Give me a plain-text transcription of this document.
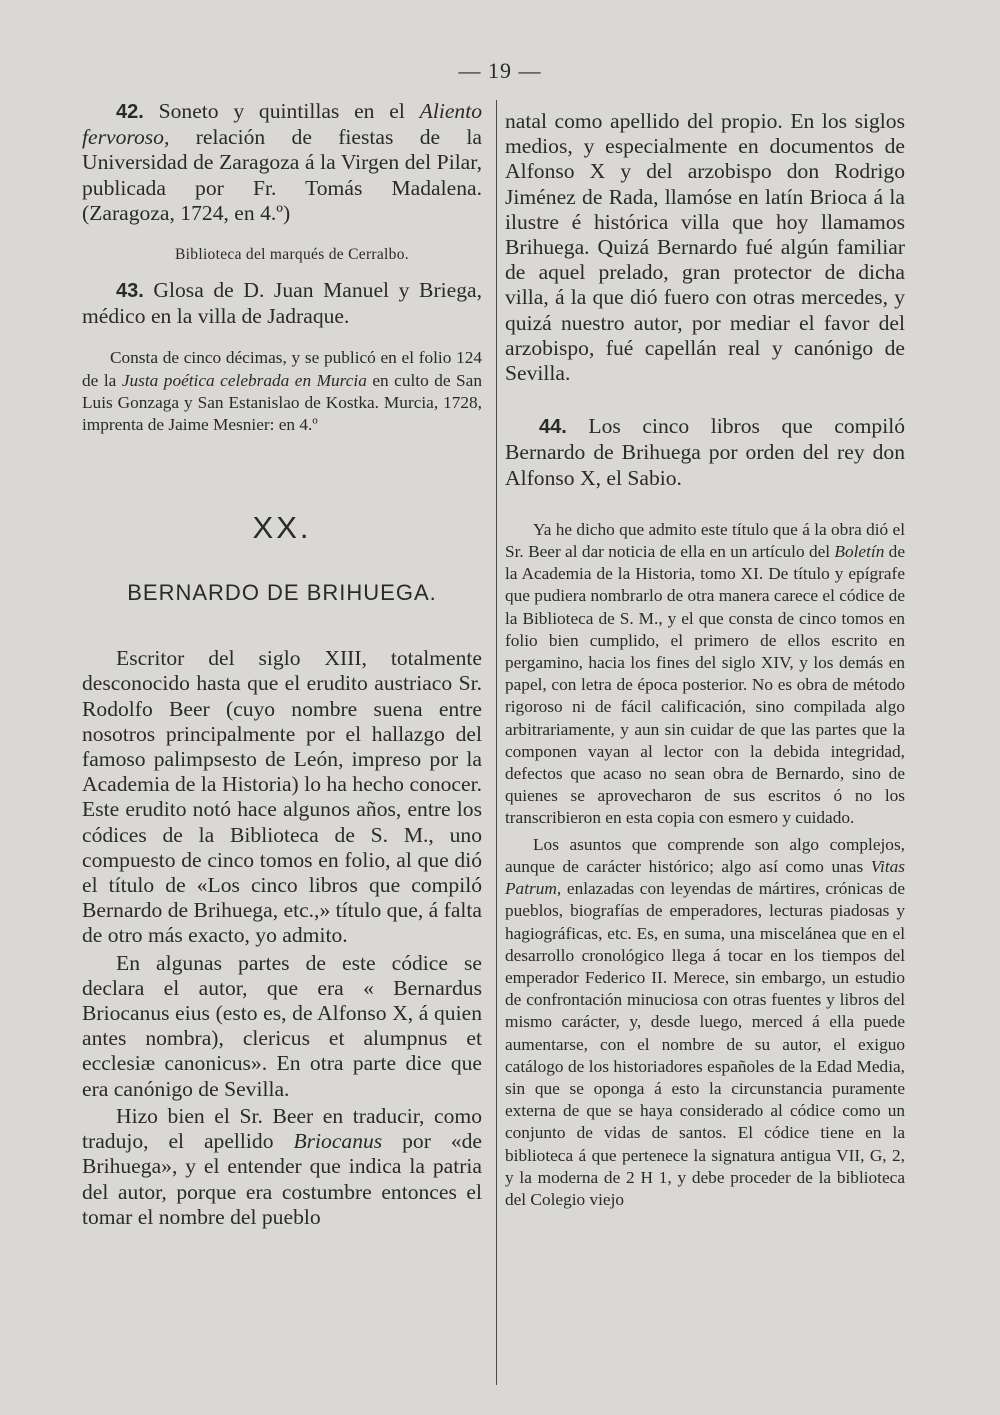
— 19 —

42. Soneto y quintillas en el Aliento fervoroso, relación de fiestas de la Universidad de Zaragoza á la Virgen del Pilar, publicada por Fr. Tomás Madalena. (Zaragoza, 1724, en 4.º)

Biblioteca del marqués de Cerralbo.

43. Glosa de D. Juan Manuel y Briega, médico en la villa de Jadraque.

Consta de cinco décimas, y se publicó en el folio 124 de la Justa poética celebrada en Murcia en culto de San Luis Gonzaga y San Estanislao de Kostka. Murcia, 1728, imprenta de Jaime Mesnier: en 4.º

XX.
BERNARDO DE BRIHUEGA.

Escritor del siglo XIII, totalmente desconocido hasta que el erudito austriaco Sr. Rodolfo Beer (cuyo nombre suena entre nosotros principalmente por el hallazgo del famoso palimpsesto de León, impreso por la Academia de la Historia) lo ha hecho conocer. Este erudito notó hace algunos años, entre los códices de la Biblioteca de S. M., uno compuesto de cinco tomos en folio, al que dió el título de «Los cinco libros que compiló Bernardo de Brihuega, etc.,» título que, á falta de otro más exacto, yo admito.

En algunas partes de este códice se declara el autor, que era « Bernardus Briocanus eius (esto es, de Alfonso X, á quien antes nombra), clericus et alumpnus et ecclesiæ canonicus». En otra parte dice que era canónigo de Sevilla.

Hizo bien el Sr. Beer en traducir, como tradujo, el apellido Briocanus por «de Brihuega», y el entender que indica la patria del autor, porque era costumbre entonces el tomar el nombre del pueblo

natal como apellido del propio. En los siglos medios, y especialmente en documentos de Alfonso X y del arzobispo don Rodrigo Jiménez de Rada, llamóse en latín Brioca á la ilustre é histórica villa que hoy llamamos Brihuega. Quizá Bernardo fué algún familiar de aquel prelado, gran protector de dicha villa, á la que dió fuero con otras mercedes, y quizá nuestro autor, por mediar el favor del arzobispo, fué capellán real y canónigo de Sevilla.

44. Los cinco libros que compiló Bernardo de Brihuega por orden del rey don Alfonso X, el Sabio.

Ya he dicho que admito este título que á la obra dió el Sr. Beer al dar noticia de ella en un artículo del Boletín de la Academia de la Historia, tomo XI. De título y epígrafe que pudiera nombrarlo de otra manera carece el códice de la Biblioteca de S. M., y el que consta de cinco tomos en folio bien cumplido, el primero de ellos escrito en pergamino, hacia los fines del siglo XIV, y los demás en papel, con letra de época posterior. No es obra de método rigoroso ni de fácil calificación, sino compilada algo arbitrariamente, y aun sin cuidar de que las partes que la componen vayan al lector con la debida integridad, defectos que acaso no sean obra de Bernardo, sino de quienes se aprovecharon de sus escritos ó no los transcribieron en esta copia con esmero y cuidado.

Los asuntos que comprende son algo complejos, aunque de carácter histórico; algo así como unas Vitas Patrum, enlazadas con leyendas de mártires, crónicas de pueblos, biografías de emperadores, lecturas piadosas y hagiográficas, etc. Es, en suma, una miscelánea que en el desarrollo cronológico llega á tocar en los tiempos del emperador Federico II. Merece, sin embargo, un estudio de confrontación minuciosa con otras fuentes y libros del mismo carácter, y, desde luego, merced á ella puede aumentarse, con el nombre de su autor, el exiguo catálogo de los historiadores españoles de la Edad Media, sin que se oponga á esto la circunstancia puramente externa de que se haya considerado al códice como un conjunto de vidas de santos. El códice tiene en la biblioteca á que pertenece la signatura antigua VII, G, 2, y la moderna de 2 H 1, y debe proceder de la biblioteca del Colegio viejo
